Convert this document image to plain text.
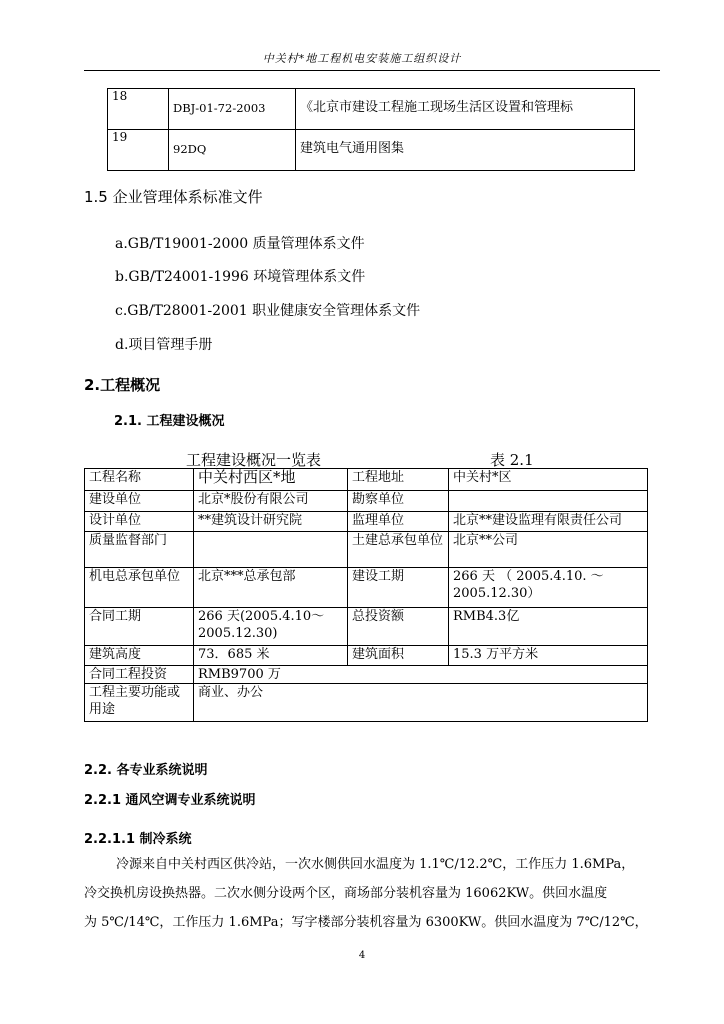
中关村*地工程机电安装施工组织设计
18	DBJ-01-72-2003	《北京市建设工程施工现场生活区设置和管理标
19	92DQ	建筑电气通用图集
1.5 企业管理体系标准文件
a.GB/T19001-2000 质量管理体系文件
b.GB/T24001-1996 环境管理体系文件
c.GB/T28001-2001 职业健康安全管理体系文件
d.项目管理手册
2.工程概况
2.1. 工程建设概况
工程建设概况一览表	表 2.1
工程名称	中关村西区*地	工程地址	中关村*区
建设单位	北京*股份有限公司	勘察单位	
设计单位	**建筑设计研究院	监理单位	北京**建设监理有限责任公司
质量监督部门		土建总承包单位	北京**公司
机电总承包单位	北京***总承包部	建设工期	266 天 （ 2005.4.10. ～ 2005.12.30）
合同工期	266 天(2005.4.10～ 2005.12.30)	总投资额	RMB4.3亿
建筑高度	73．685 米	建筑面积	15.3 万平方米
合同工程投资	RMB9700 万		
工程主要功能或用途	商业、办公		
2.2. 各专业系统说明
2.2.1 通风空调专业系统说明
2.2.1.1 制冷系统
冷源来自中关村西区供冷站，一次水侧供回水温度为 1.1℃/12.2℃，工作压力 1.6MPa，
冷交换机房设换热器。二次水侧分设两个区，商场部分装机容量为 16062KW。供回水温度
为 5℃/14℃，工作压力 1.6MPa；写字楼部分装机容量为 6300KW。供回水温度为 7℃/12℃，
4
